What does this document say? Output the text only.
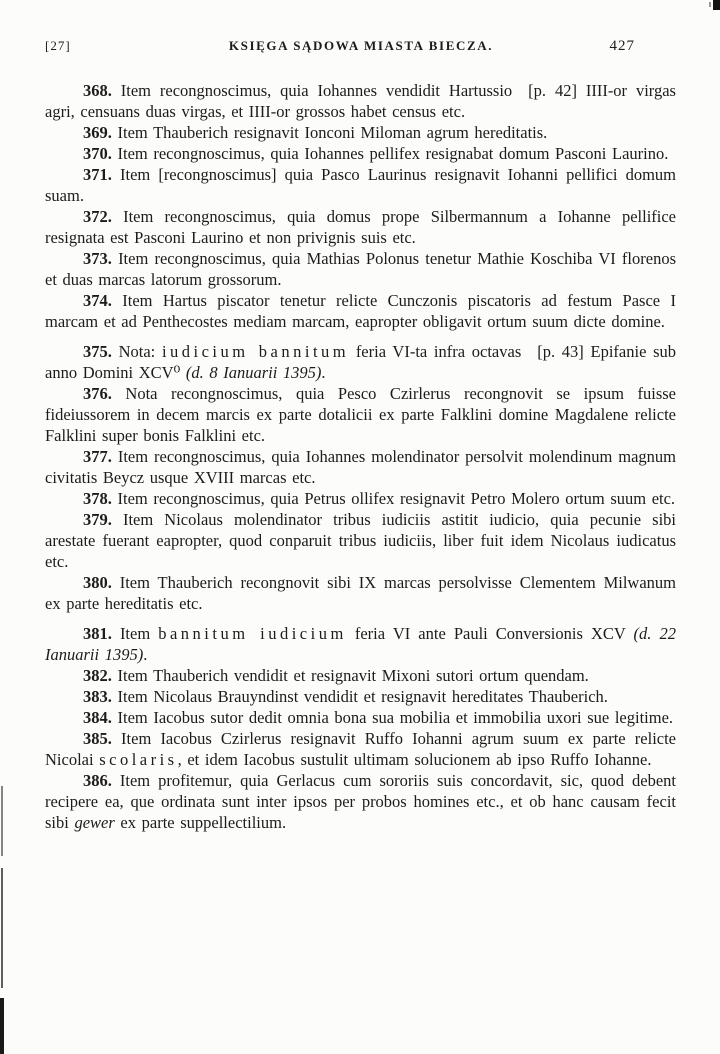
[27]	KSIĘGA SĄDOWA MIASTA BIECZA.	427

368. Item recongnoscimus, quia Iohannes vendidit Hartussio [p. 42] IIII-or virgas agri, censuans duas virgas, et IIII-or grossos habet census etc.

369. Item Thauberich resignavit Ionconi Miloman agrum hereditatis.

370. Item recongnoscimus, quia Iohannes pellifex resignabat domum Pasconi Laurino.

371. Item [recongnoscimus] quia Pasco Laurinus resignavit Iohanni pellifici domum suam.

372. Item recongnoscimus, quia domus prope Silbermannum a Iohanne pellifice resignata est Pasconi Laurino et non privignis suis etc.

373. Item recongnoscimus, quia Mathias Polonus tenetur Mathie Koschiba VI florenos et duas marcas latorum grossorum.

374. Item Hartus piscator tenetur relicte Cunczonis piscatoris ad festum Pasce I marcam et ad Penthecostes mediam marcam, eapropter obligavit ortum suum dicte domine.

375. Nota: iudicium bannitum feria VI-ta infra octavas [p. 43] Epifanie sub anno Domini XCV⁰ (d. 8 Ianuarii 1395).

376. Nota recongnoscimus, quia Pesco Czirlerus recongnovit se ipsum fuisse fideiussorem in decem marcis ex parte dotalicii ex parte Falklini domine Magdalene relicte Falklini super bonis Falklini etc.

377. Item recongnoscimus, quia Iohannes molendinator persolvit molendinum magnum civitatis Beycz usque XVIII marcas etc.

378. Item recongnoscimus, quia Petrus ollifex resignavit Petro Molero ortum suum etc.

379. Item Nicolaus molendinator tribus iudiciis astitit iudicio, quia pecunie sibi arestate fuerant eapropter, quod conparuit tribus iudiciis, liber fuit idem Nicolaus iudicatus etc.

380. Item Thauberich recongnovit sibi IX marcas persolvisse Clementem Milwanum ex parte hereditatis etc.

381. Item bannitum iudicium feria VI ante Pauli Conversionis XCV (d. 22 Ianuarii 1395).

382. Item Thauberich vendidit et resignavit Mixoni sutori ortum quendam.

383. Item Nicolaus Brauyndinst vendidit et resignavit hereditates Thauberich.

384. Item Iacobus sutor dedit omnia bona sua mobilia et immobilia uxori sue legitime.

385. Item Iacobus Czirlerus resignavit Ruffo Iohanni agrum suum ex parte relicte Nicolai scolaris, et idem Iacobus sustulit ultimam solucionem ab ipso Ruffo Iohanne.

386. Item profitemur, quia Gerlacus cum sororiis suis concordavit, sic, quod debent recipere ea, que ordinata sunt inter ipsos per probos homines etc., et ob hanc causam fecit sibi gewer ex parte suppellectilium.
